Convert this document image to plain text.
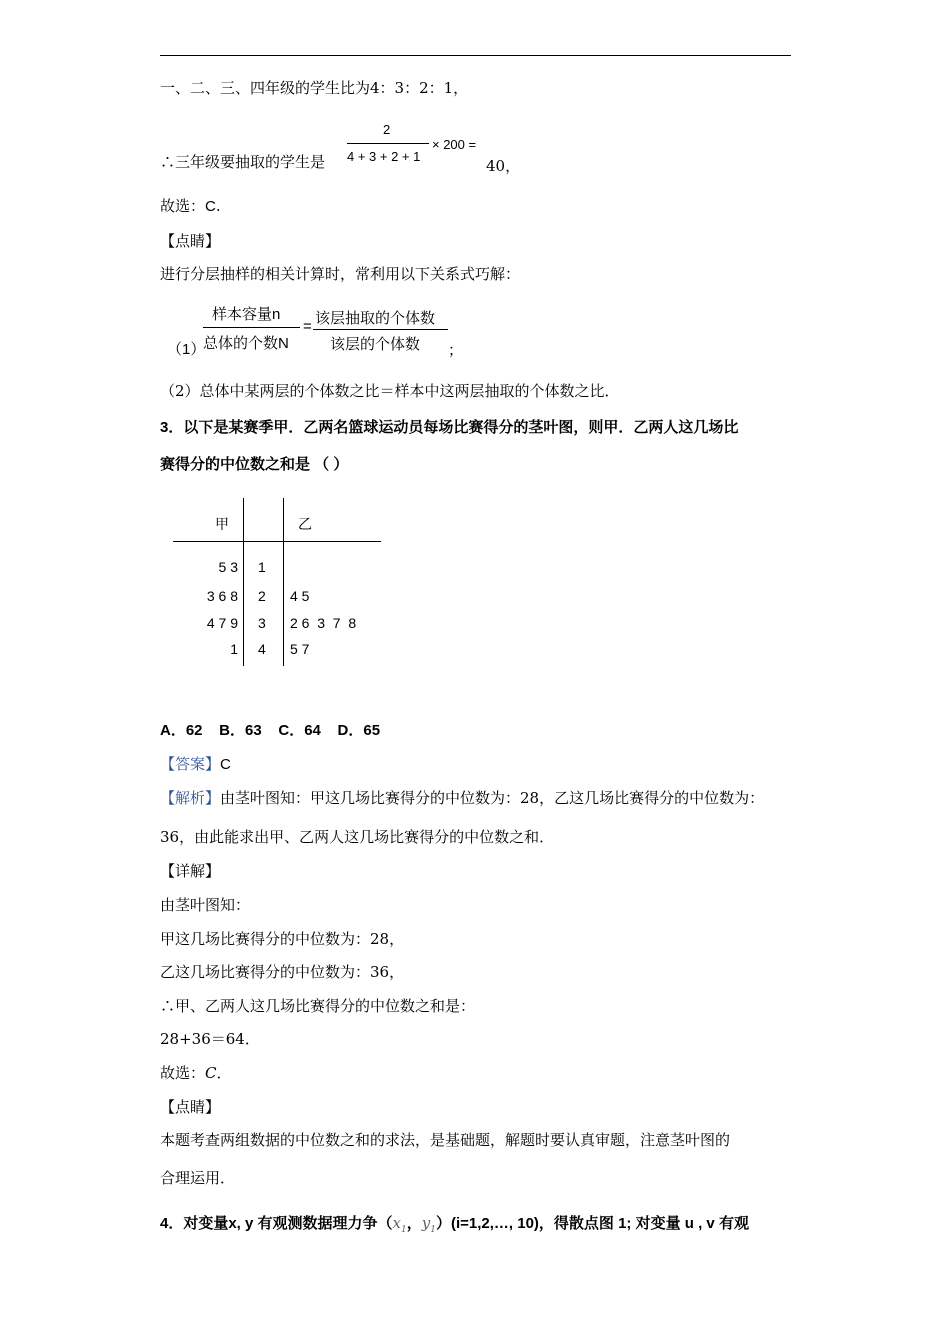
一、二、三、四年级的学生比为4：3：2：1，
∴三年级要抽取的学生是
2
4 + 3 + 2 + 1
× 200 =
40，
故选：C.
【点睛】
进行分层抽样的相关计算时，常利用以下关系式巧解：
（1）
样本容量n
总体的个数N
= 该层抽取的个体数
该层的个体数 ；
（2）总体中某两层的个体数之比＝样本中这两层抽取的个体数之比．
3．以下是某赛季甲．乙两名篮球运动员每场比赛得分的茎叶图，则甲．乙两人这几场比
赛得分的中位数之和是 （ ）
甲	乙
5 3 1
3 6 8 2 4 5
4 7 9 3 2 6  3  7  8
1 4 5 7
A．62    B．63    C．64    D．65
【答案】C
【解析】由茎叶图知：甲这几场比赛得分的中位数为：28，乙这几场比赛得分的中位数为：
36，由此能求出甲、乙两人这几场比赛得分的中位数之和．
【详解】
由茎叶图知：
甲这几场比赛得分的中位数为：28，
乙这几场比赛得分的中位数为：36，
∴甲、乙两人这几场比赛得分的中位数之和是：
28+36＝64．
故选：C．
【点睛】
本题考查两组数据的中位数之和的求法，是基础题，解题时要认真审题，注意茎叶图的
合理运用．
4．对变量x, y 有观测数据理力争（$x_1$，$y_1)(i=1,2,\dots$, 10)，得散点图 1; 对变量 u , v 有观
